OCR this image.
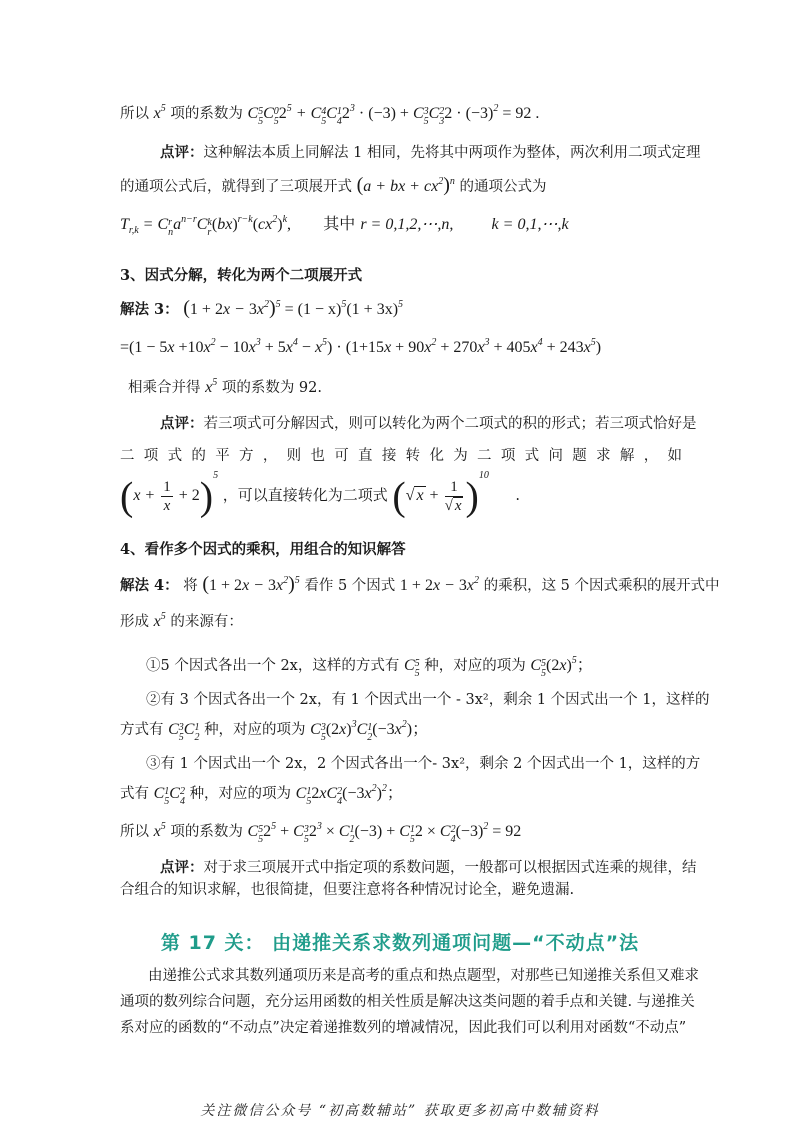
所以 $x^5$ 项的系数为 C 5
5 C 0
5 $2^5 + C$ 4
5 C 1
4 $2^3 \cdot (-3) + C$ 3
5 C 2
3 $2 \cdot (-3)^2 = 92$ .
点评：这种解法本质上同解法 1 相同，先将其中两项作为整体，两次利用二项式定理
的通项公式后，就得到了三项展开式 (a + bx + $cx^2)^n$ 的通项公式为
$T_{r,k} = C$ r
n $a^{n-r}C$ k
r $(bx)^{r-k}(cx^2)^k$, 其中 r = 0,1,2,⋯,n, k = 0,1,⋯,k
3、因式分解，转化为两个二项展开式
解法 3： $(1 + 2x - 3x^2)^5 = (1 - x)^5(1 + 3x)^5$
$=(1 - 5x +10x^2 - 10x^3 + 5x^4 - x^5) \cdot (1+15x + 90x^2 + 270x^3 + 405x^4 + 243x^5)$
相乘合并得 $x^5$ 项的系数为 92.
点评：若三项式可分解因式，则可以转化为两个二项式的积的形式；若三项式恰好是
二 项 式 的 平 方 ， 则 也 可 直 接 转 化 为 二 项 式 问 题 求 解 ， 如
$(x + \frac{1}{x} + 2)^5$ ，可以直接转化为二项式 (√ $x + \frac{1}{√ x} )^{10}$ .
4、看作多个因式的乘积，用组合的知识解答
解法 4： 将 $(1 + 2x - 3x^2)^5$ 看作 5 个因式 $1 + 2x - 3x^2$ 的乘积，这 5 个因式乘积的展开式中
形成 $x^5$ 的来源有：
①5 个因式各出一个 2x，这样的方式有 C 5
5 种，对应的项为 C 5
5 $(2x)^5$；
②有 3 个因式各出一个 2x，有 1 个因式出一个 - 3x²，剩余 1 个因式出一个 1，这样的
方式有 C 3
5 C 1
2 种，对应的项为 C 3
5 $(2x)^3C$ 1
2 $(-3x^2)$；
③有 1 个因式出一个 2x，2 个因式各出一个- 3x²，剩余 2 个因式出一个 1，这样的方
式有 C 1
5 C 2
4 种，对应的项为 C 1
5 2xC 2
4 $(-3x^2)^2$；
所以 $x^5$ 项的系数为 C 5
5 $2^5 + C$ 3
5 $2^3 \times C$ 1
2 (−3) + C 1
5 2 × C 2
4 $(-3)^2 = 92$
点评：对于求三项展开式中指定项的系数问题，一般都可以根据因式连乘的规律，结
合组合的知识求解，也很简捷，但要注意将各种情况讨论全，避免遗漏.
第 17 关： 由递推关系求数列通项问题—“不动点”法
由递推公式求其数列通项历来是高考的重点和热点题型，对那些已知递推关系但又难求
通项的数列综合问题，充分运用函数的相关性质是解决这类问题的着手点和关键. 与递推关
系对应的函数的“不动点”决定着递推数列的增减情况，因此我们可以利用对函数“不动点”
关注微信公众号 “初高数辅站” 获取更多初高中数辅资料
